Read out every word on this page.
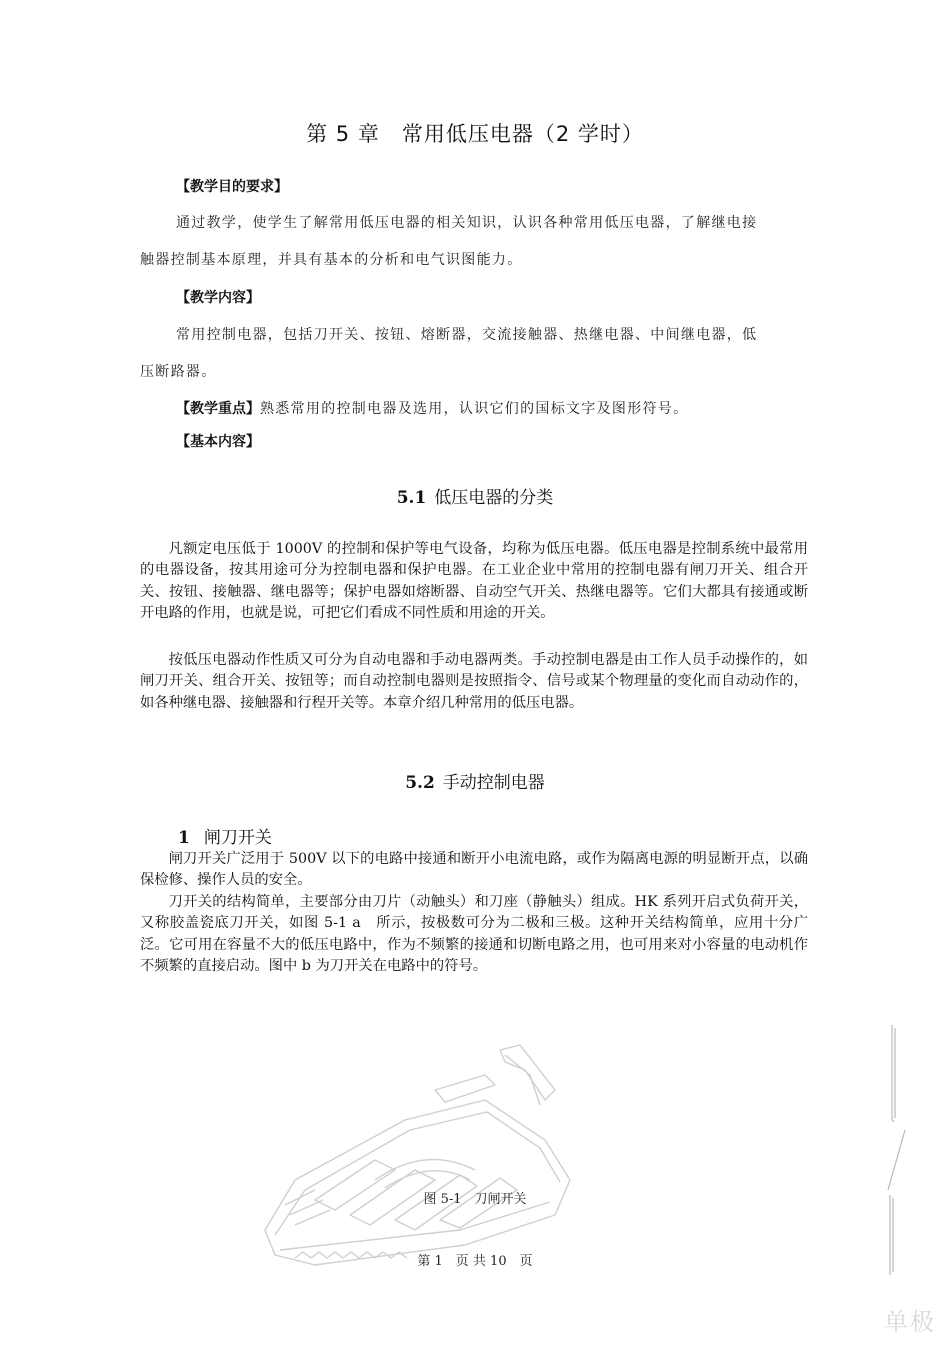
第 5 章　常用低压电器（2 学时）
【教学目的要求】
通过教学，使学生了解常用低压电器的相关知识，认识各种常用低压电器，了解继电接
触器控制基本原理，并具有基本的分析和电气识图能力。
【教学内容】
常用控制电器，包括刀开关、按钮、熔断器，交流接触器、热继电器、中间继电器，低
压断路器。
【教学重点】熟悉常用的控制电器及选用，认识它们的国标文字及图形符号。
【基本内容】
5.1 低压电器的分类

凡额定电压低于 1000V 的控制和保护等电气设备，均称为低压电器。低压电器是控制系统中最常用的电器设备，按其用途可分为控制电器和保护电器。在工业企业中常用的控制电器有闸刀开关、组合开关、按钮、接触器、继电器等；保护电器如熔断器、自动空气开关、热继电器等。它们大都具有接通或断开电路的作用，也就是说，可把它们看成不同性质和用途的开关。

按低压电器动作性质又可分为自动电器和手动电器两类。手动控制电器是由工作人员手动操作的，如闸刀开关、组合开关、按钮等；而自动控制电器则是按照指令、信号或某个物理量的变化而自动动作的，如各种继电器、接触器和行程开关等。本章介绍几种常用的低压电器。

5.2 手动控制电器
1 闸刀开关

闸刀开关广泛用于 500V 以下的电路中接通和断开小电流电路，或作为隔离电源的明显断开点，以确保检修、操作人员的安全。

刀开关的结构简单，主要部分由刀片（动触头）和刀座（静触头）组成。HK 系列开启式负荷开关，又称胶盖瓷底刀开关，如图 5-1 a　所示，按极数可分为二极和三极。这种开关结构简单，应用十分广泛。它可用在容量不大的低压电路中，作为不频繁的接通和切断电路之用，也可用来对小容量的电动机作不频繁的直接启动。图中 b 为刀开关在电路中的符号。

图 5-1　刀闸开关
第 1　页 共 10　页
单极
